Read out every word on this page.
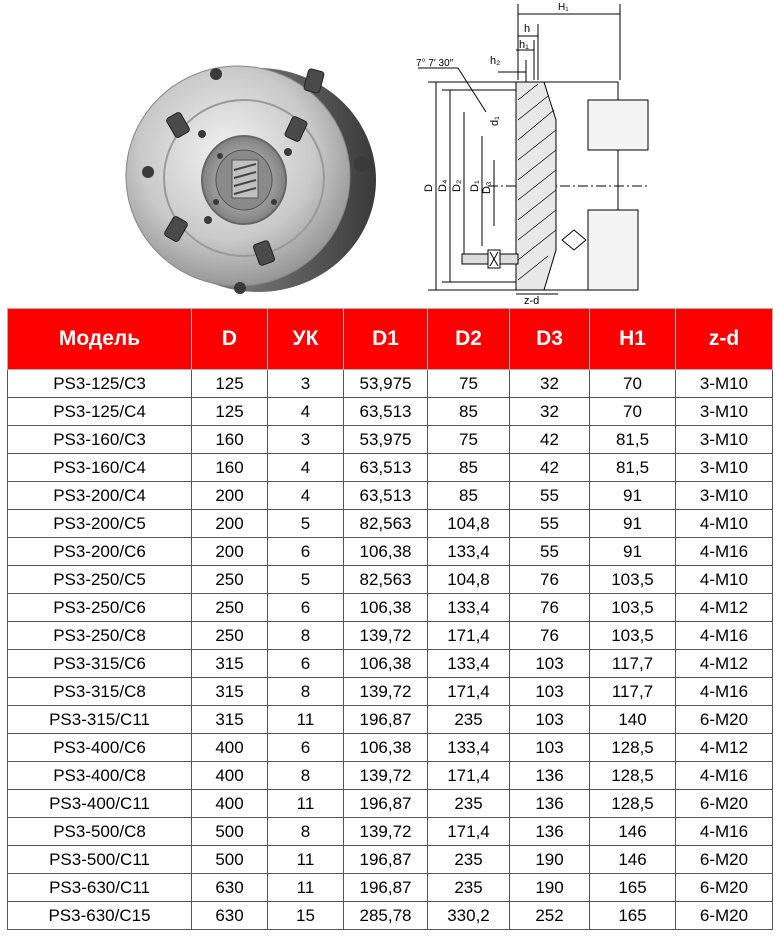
H₁
h
h₁
h₂
7° 7′ 30″
D D₄ D₂ D₁ D₃
d₁
z-d
Модель	D	УК	D1	D2	D3	H1	z-d
PS3-125/C3	125	3	53,975	75	32	70	3-M10
PS3-125/C4	125	4	63,513	85	32	70	3-M10
PS3-160/C3	160	3	53,975	75	42	81,5	3-M10
PS3-160/C4	160	4	63,513	85	42	81,5	3-M10
PS3-200/C4	200	4	63,513	85	55	91	3-M10
PS3-200/C5	200	5	82,563	104,8	55	91	4-M10
PS3-200/C6	200	6	106,38	133,4	55	91	4-M16
PS3-250/C5	250	5	82,563	104,8	76	103,5	4-M10
PS3-250/C6	250	6	106,38	133,4	76	103,5	4-M12
PS3-250/C8	250	8	139,72	171,4	76	103,5	4-M16
PS3-315/C6	315	6	106,38	133,4	103	117,7	4-M12
PS3-315/C8	315	8	139,72	171,4	103	117,7	4-M16
PS3-315/C11	315	11	196,87	235	103	140	6-M20
PS3-400/C6	400	6	106,38	133,4	103	128,5	4-M12
PS3-400/C8	400	8	139,72	171,4	136	128,5	4-M16
PS3-400/C11	400	11	196,87	235	136	128,5	6-M20
PS3-500/C8	500	8	139,72	171,4	136	146	4-M16
PS3-500/C11	500	11	196,87	235	190	146	6-M20
PS3-630/C11	630	11	196,87	235	190	165	6-M20
PS3-630/C15	630	15	285,78	330,2	252	165	6-M20
